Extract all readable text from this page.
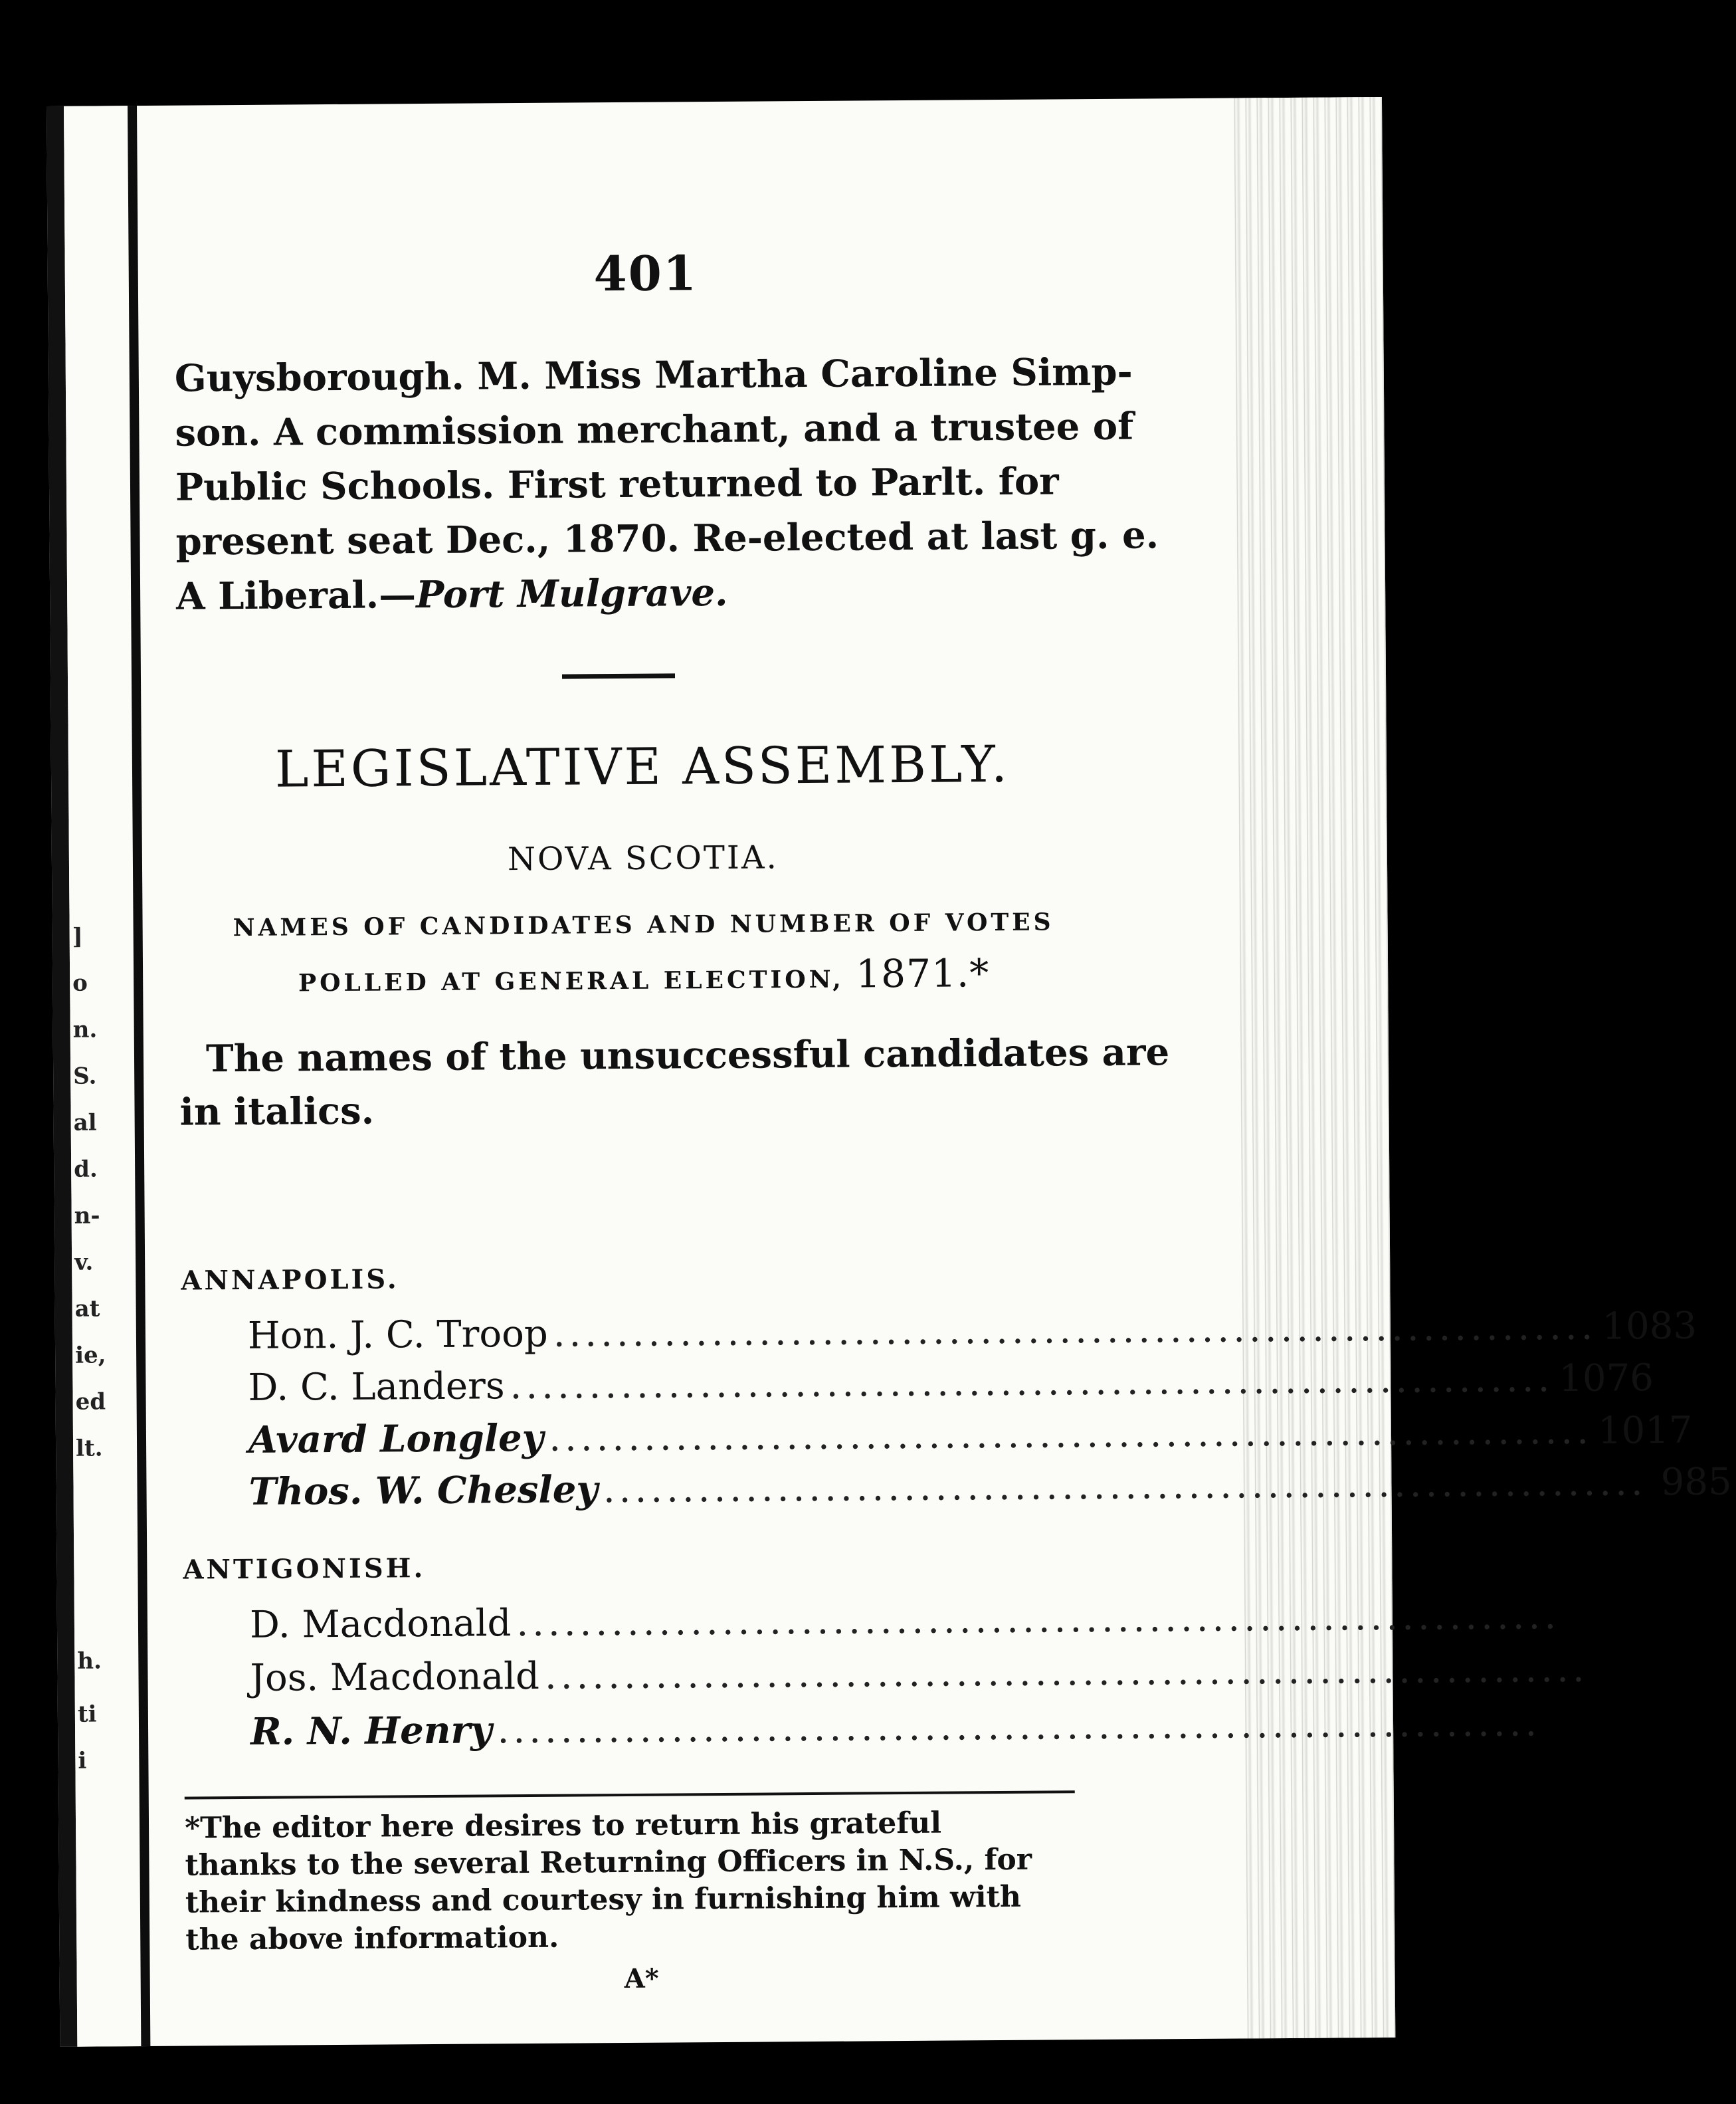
]
o
n.
S.
al
d.
n-
v.
at
ie,
ed
lt.
h.
ti
i
401

Guysborough. M. Miss Martha Caroline Simp-

son. A commission merchant, and a trustee of

Public Schools. First returned to Parlt. for

present seat Dec., 1870. Re-elected at last g. e.

A Liberal.—Port Mulgrave.

LEGISLATIVE ASSEMBLY.
NOVA SCOTIA.
NAMES OF CANDIDATES AND NUMBER OF VOTES
POLLED AT GENERAL ELECTION, 1871.*

The names of the unsuccessful candidates are

in italics.

ANNAPOLIS.
Hon. J. C. Troop .................................................................. 1083
D. C. Landers .................................................................. 1076
Avard Longley .................................................................. 1017
Thos. W. Chesley .................................................................. 985
ANTIGONISH.
D. Macdonald ..................................................................
Jos. Macdonald ..................................................................
R. N. Henry ..................................................................

*The editor here desires to return his grateful

thanks to the several Returning Officers in N.S., for

their kindness and courtesy in furnishing him with

the above information.

A*
